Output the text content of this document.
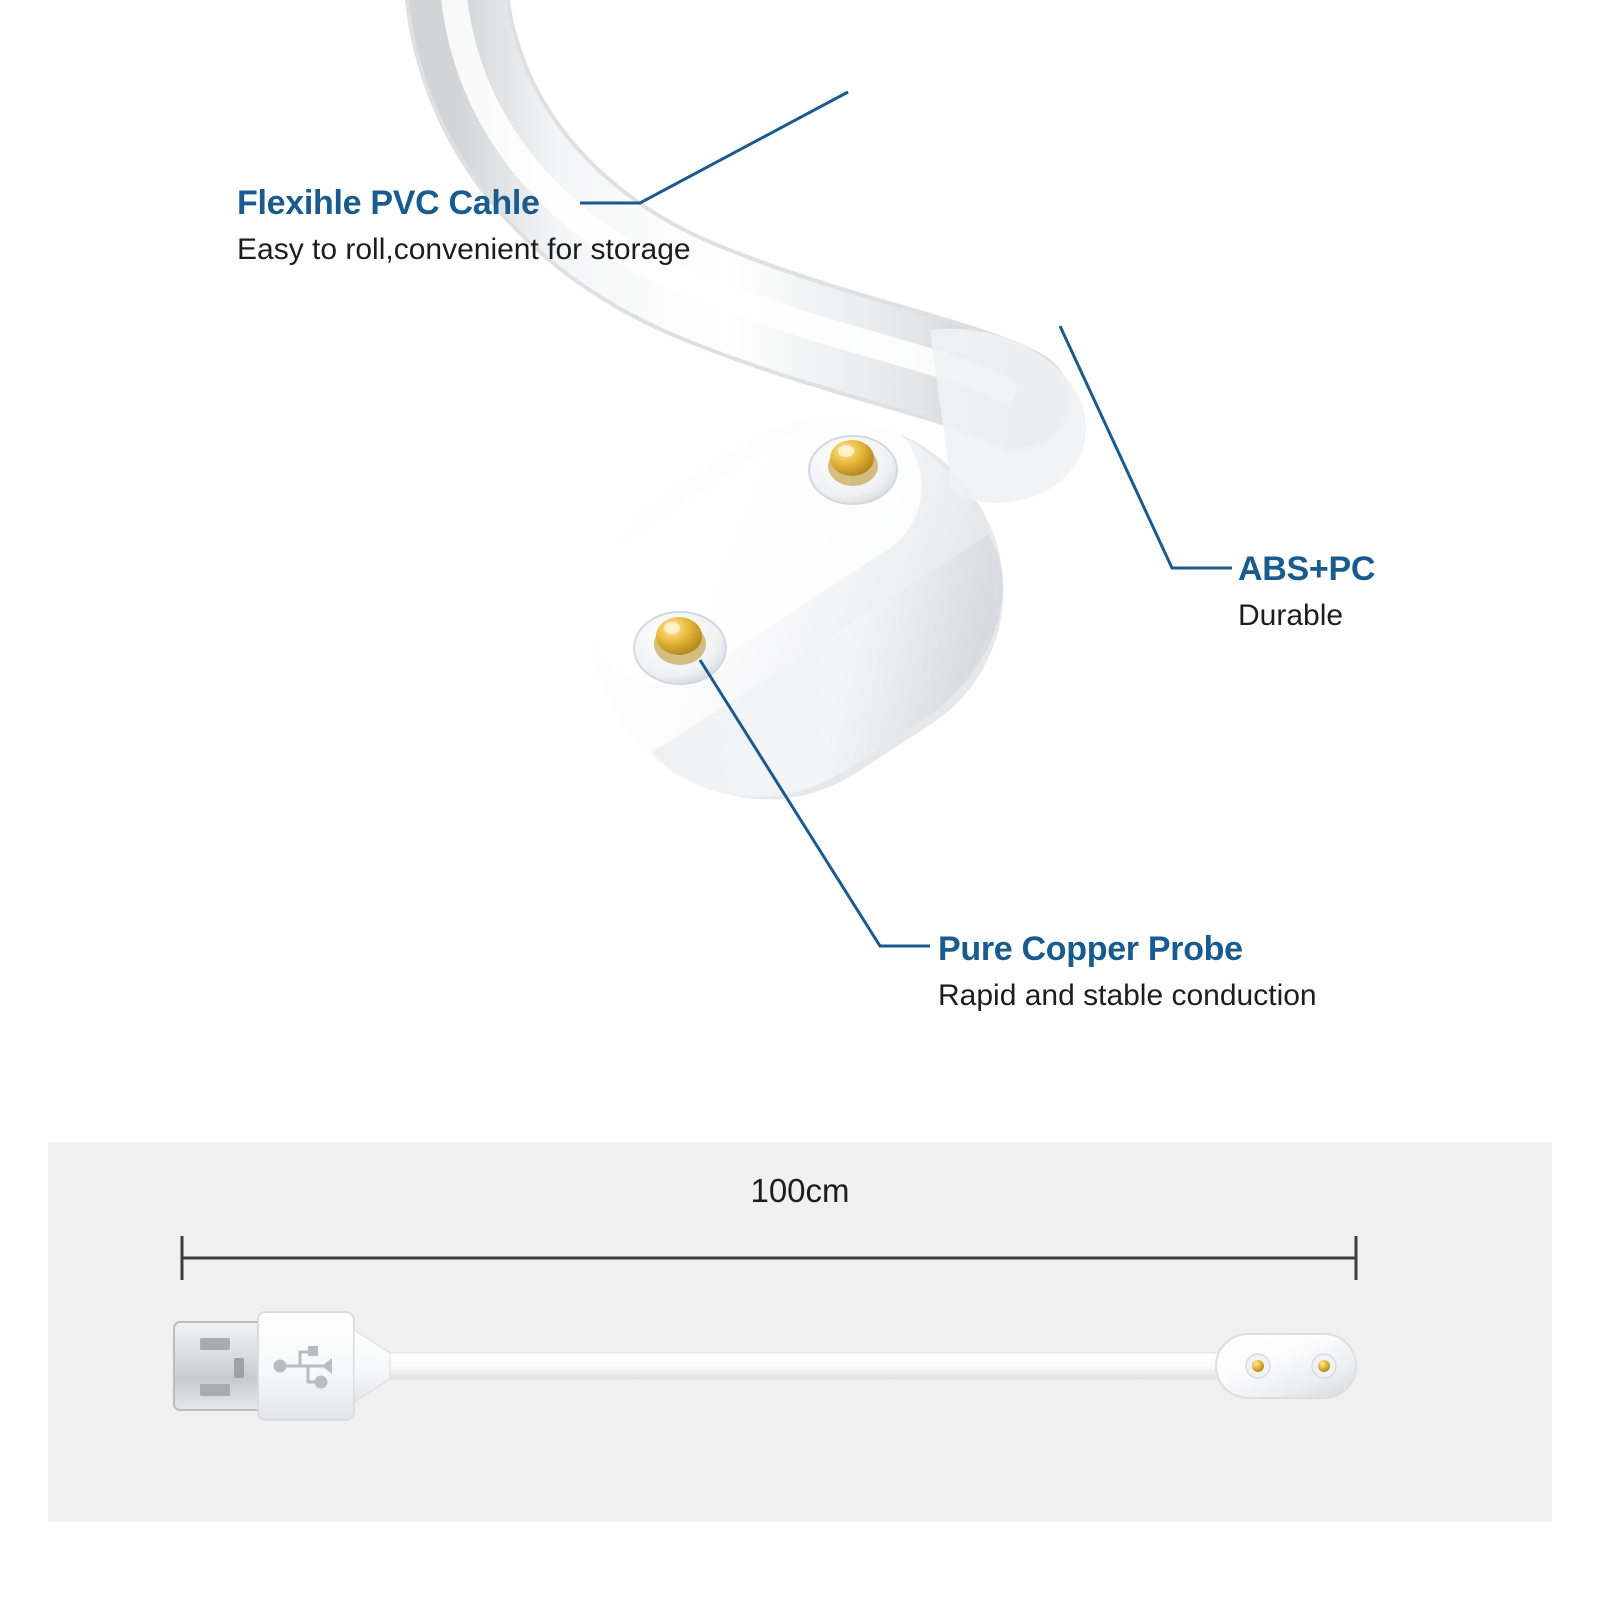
Flexihle PVC Cahle
Easy to roll,convenient for storage
ABS+PC
Durable
Pure Copper Probe
Rapid and stable conduction
100cm
